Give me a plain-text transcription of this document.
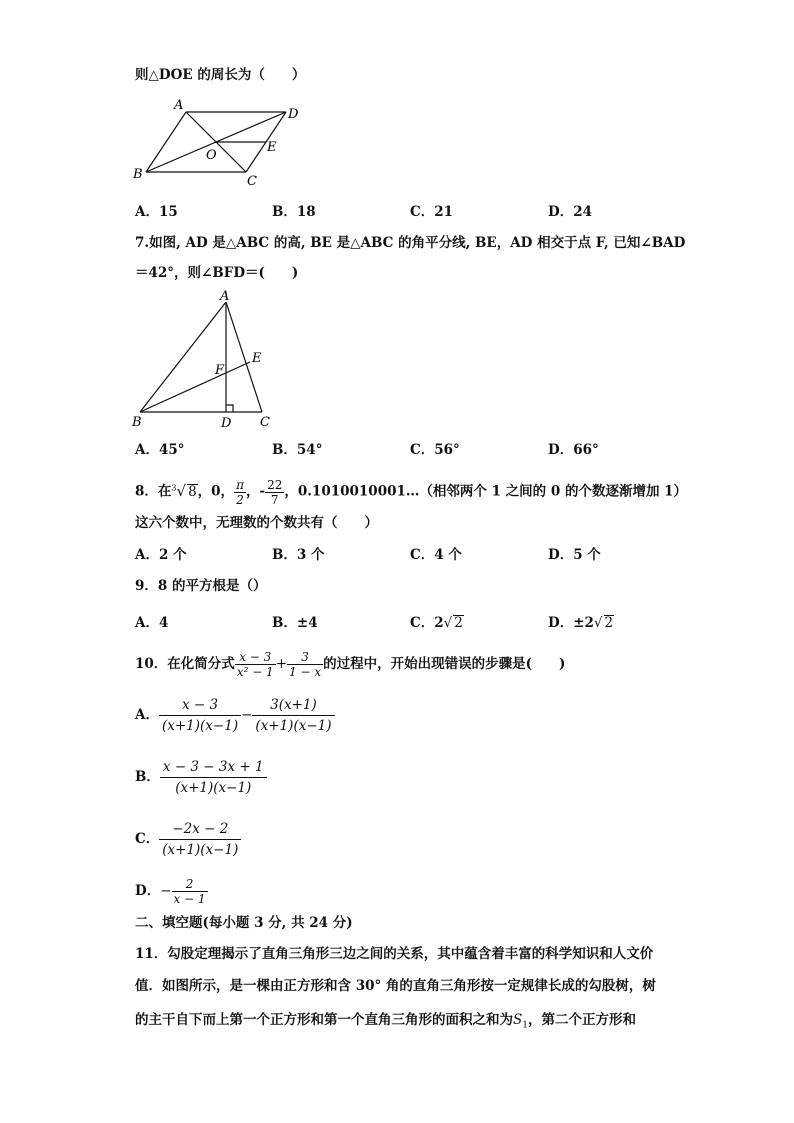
则△DOE 的周长为（　　）
A
B	C
D
O
E
A．15	B．18	C．21	D．24
7.如图, AD 是△ABC 的高, BE 是△ABC 的角平分线, BE，AD 相交于点 F, 已知∠BAD
＝42°，则∠BFD＝(　　)
A
B	C
D
E
F
A．45°	B．54°	C．56°	D．66°
8．在$^3$√ 8，0， $\frac{\pi}{2}$ ，- $\frac{22}{7}$ ，0.1010010001…（相邻两个 1 之间的 0 的个数逐渐增加 1）
这六个数中，无理数的个数共有（　　）
A．2 个	B．3 个	C．4 个	D．5 个
9．8 的平方根是（）
A．4	B．±4	C．2√ 2	D．±2√ 2
10．在化简分式 $\frac{x - 3}{\text{x² − 1}} + \frac{3}{1 - x}$ 的过程中，开始出现错误的步骤是(　　)
A． $\frac{x - 3}{(x+1)(x-1)} - \frac{3(x+1)}{(x+1)(x-1)}$
B． $\frac{x - 3 - 3x + 1}{(x+1)(x-1)}$
C． $\frac{-2x - 2}{(x+1)(x-1)}$
D．− $\frac{2}{x - 1}$
二、填空题(每小题 3 分, 共 24 分)
11．勾股定理揭示了直角三角形三边之间的关系，其中蕴含着丰富的科学知识和人文价
值．如图所示，是一棵由正方形和含 30° 角的直角三角形按一定规律长成的勾股树，树
的主干自下而上第一个正方形和第一个直角三角形的面积之和为$S_1$，第二个正方形和
